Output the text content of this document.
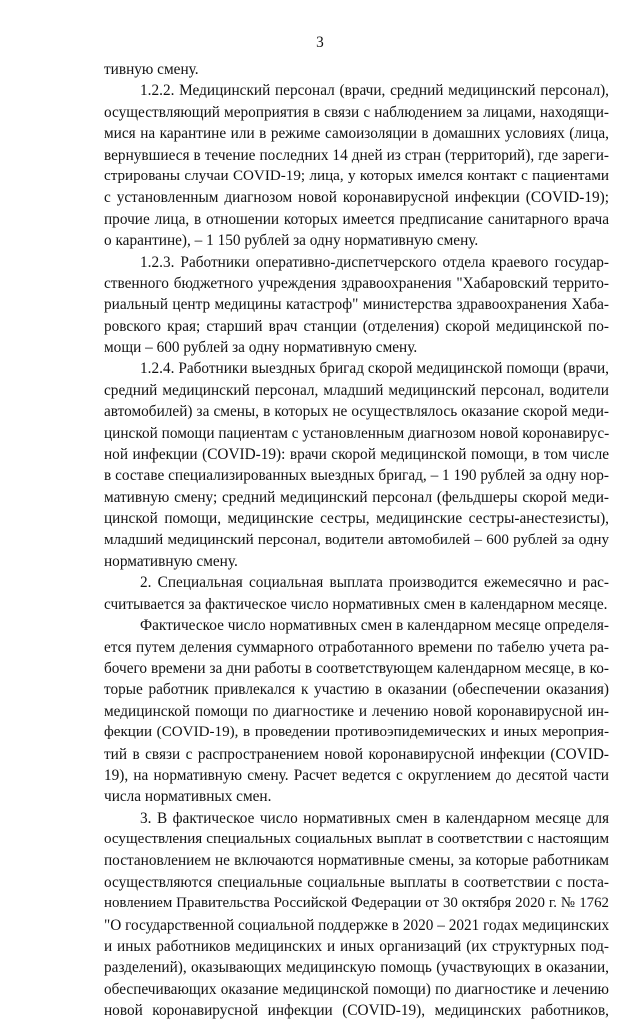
3
тивную смену.
1.2.2. Медицинский персонал (врачи, средний медицинский персонал),
осуществляющий мероприятия в связи с наблюдением за лицами, находящи-
мися на карантине или в режиме самоизоляции в домашних условиях (лица,
вернувшиеся в течение последних 14 дней из стран (территорий), где зареги-
стрированы случаи COVID-19; лица, у которых имелся контакт с пациентами
с установленным диагнозом новой коронавирусной инфекции (COVID-19);
прочие лица, в отношении которых имеется предписание санитарного врача
о карантине), – 1 150 рублей за одну нормативную смену.
1.2.3. Работники оперативно-диспетчерского отдела краевого государ-
ственного бюджетного учреждения здравоохранения "Хабаровский террито-
риальный центр медицины катастроф" министерства здравоохранения Хаба-
ровского края; старший врач станции (отделения) скорой медицинской по-
мощи – 600 рублей за одну нормативную смену.
1.2.4. Работники выездных бригад скорой медицинской помощи (врачи,
средний медицинский персонал, младший медицинский персонал, водители
автомобилей) за смены, в которых не осуществлялось оказание скорой меди-
цинской помощи пациентам с установленным диагнозом новой коронавирус-
ной инфекции (COVID-19): врачи скорой медицинской помощи, в том числе
в составе специализированных выездных бригад, – 1 190 рублей за одну нор-
мативную смену; средний медицинский персонал (фельдшеры скорой меди-
цинской помощи, медицинские сестры, медицинские сестры-анестезисты),
младший медицинский персонал, водители автомобилей – 600 рублей за одну
нормативную смену.
2. Специальная социальная выплата производится ежемесячно и рас-
считывается за фактическое число нормативных смен в календарном месяце.
Фактическое число нормативных смен в календарном месяце определя-
ется путем деления суммарного отработанного времени по табелю учета ра-
бочего времени за дни работы в соответствующем календарном месяце, в ко-
торые работник привлекался к участию в оказании (обеспечении оказания)
медицинской помощи по диагностике и лечению новой коронавирусной ин-
фекции (COVID-19), в проведении противоэпидемических и иных мероприя-
тий в связи с распространением новой коронавирусной инфекции (COVID-
19), на нормативную смену. Расчет ведется с округлением до десятой части
числа нормативных смен.
3. В фактическое число нормативных смен в календарном месяце для
осуществления специальных социальных выплат в соответствии с настоящим
постановлением не включаются нормативные смены, за которые работникам
осуществляются специальные социальные выплаты в соответствии с поста-
новлением Правительства Российской Федерации от 30 октября 2020 г. № 1762
"О государственной социальной поддержке в 2020 – 2021 годах медицинских
и иных работников медицинских и иных организаций (их структурных под-
разделений), оказывающих медицинскую помощь (участвующих в оказании,
обеспечивающих оказание медицинской помощи) по диагностике и лечению
новой коронавирусной инфекции (COVID-19), медицинских работников,
